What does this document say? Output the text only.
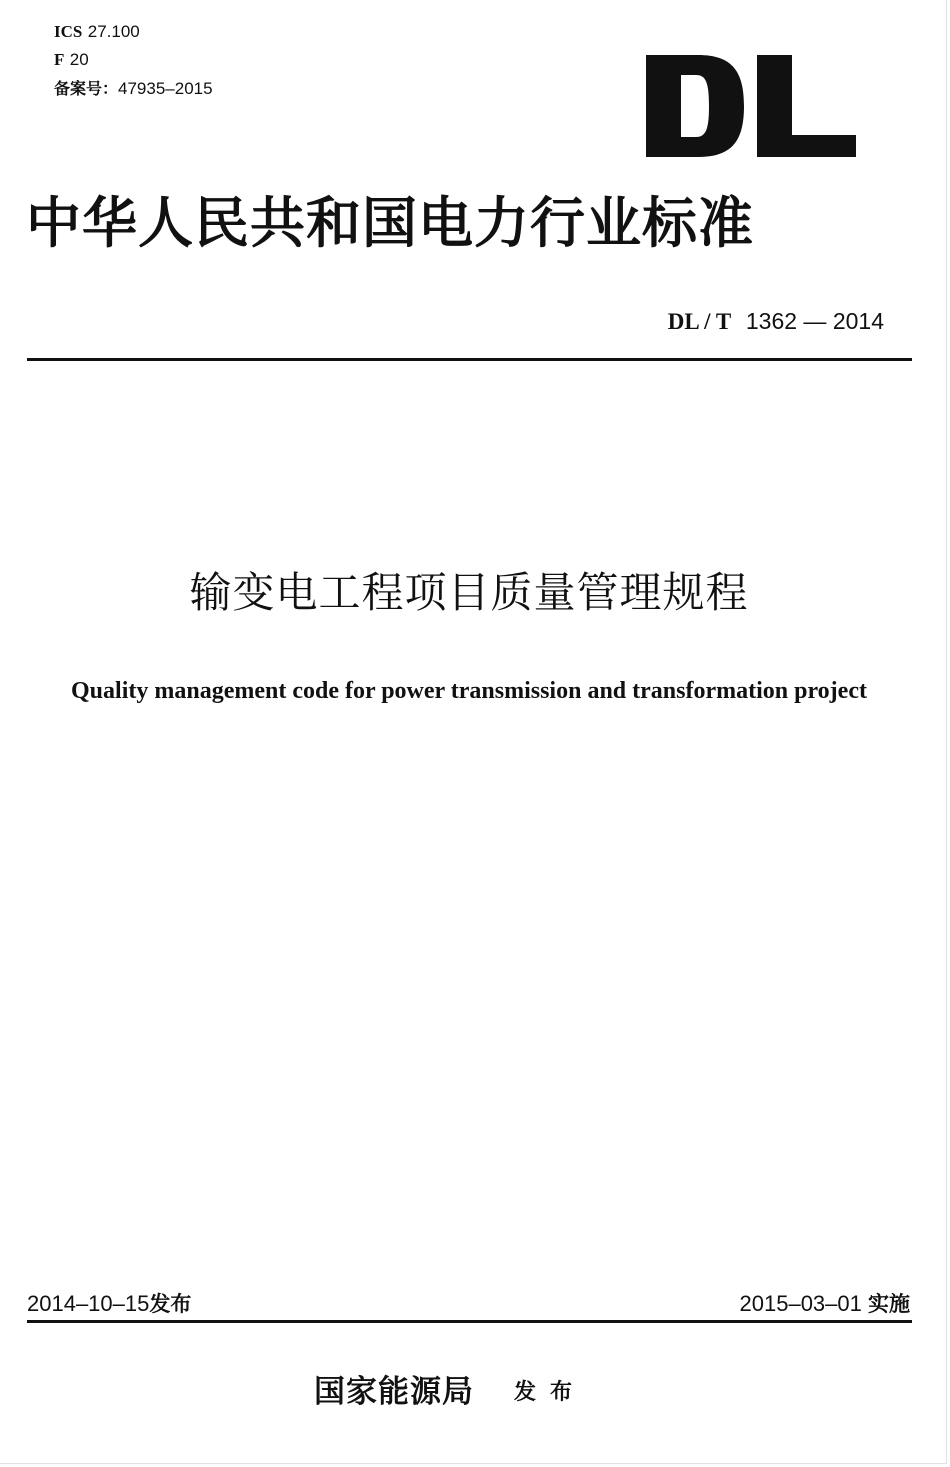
ICS 27.100
F 20
备案号：47935–2015
中华人民共和国电力行业标准
DL / T 1362 — 2014
输变电工程项目质量管理规程
Quality management code for power transmission and transformation project
2014–10–15发布	2015–03–01 实施
国家能源局 发布
